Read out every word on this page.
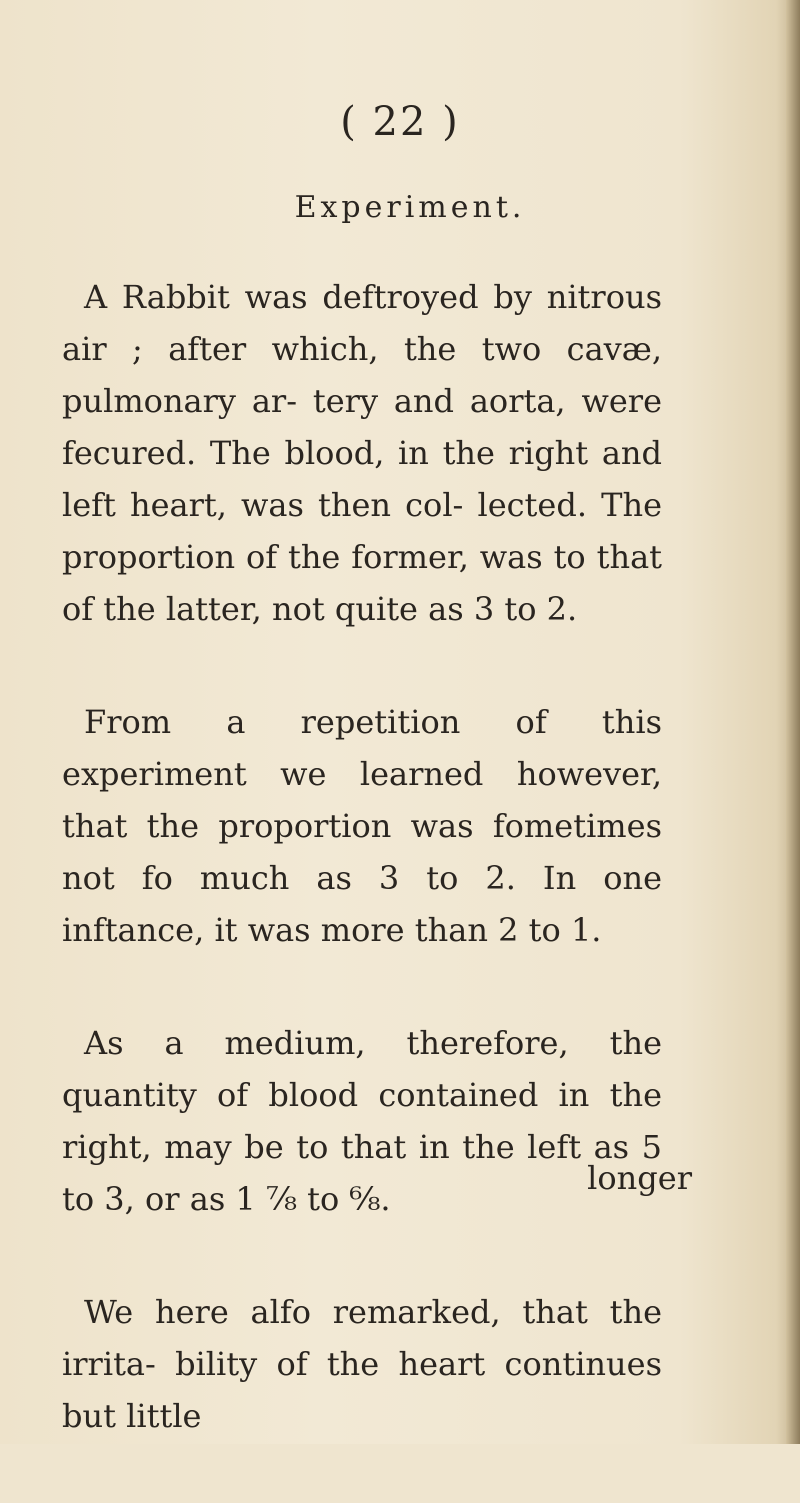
( 22 )
Experiment.

A Rabbit was deftroyed by nitrous air ; after which, the two cavæ, pulmonary ar- tery and aorta, were fecured. The blood, in the right and left heart, was then col- lected. The proportion of the former, was to that of the latter, not quite as 3 to 2.

From a repetition of this experiment we learned however, that the proportion was fometimes not fo much as 3 to 2. In one inftance, it was more than 2 to 1.

As a medium, therefore, the quantity of blood contained in the right, may be to that in the left as 5 to 3, or as 1 ⅞ to ⁶⁄₈.

We here alfo remarked, that the irrita- bility of the heart continues but little

longer
